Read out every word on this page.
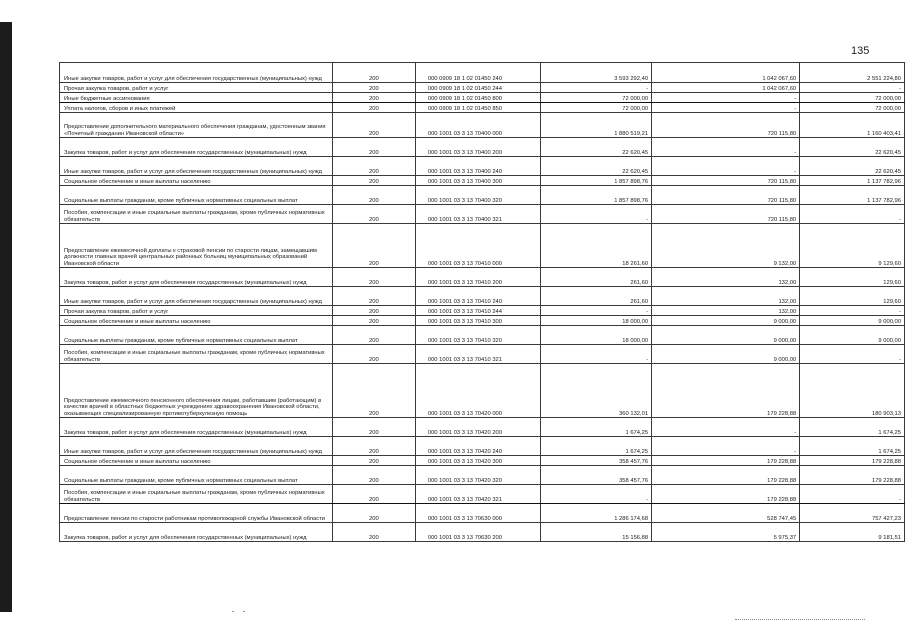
135
Иные закупки товаров, работ и услуг для обеспечения государственных (муниципальных) нужд	200	000 0909 18 1 02 01450 240	3 593 292,40	1 042 067,60	2 551 224,80
Прочая закупка товаров, работ и услуг	200	000 0909 18 1 02 01450 244	-	1 042 067,60	-
Иные бюджетные ассигнования	200	000 0909 18 1 02 01450 800	72 000,00	-	72 000,00
Уплата налогов, сборов и иных платежей	200	000 0909 18 1 02 01450 850	72 000,00	-	72 000,00
Предоставление дополнительного материального обеспечения гражданам, удостоенным звания «Почетный гражданин Ивановской области»	200	000 1001 03 3 13 70400 000	1 880 519,21	720 115,80	1 160 403,41
Закупка товаров, работ и услуг для обеспечения государственных (муниципальных) нужд	200	000 1001 03 3 13 70400 200	22 620,45	-	22 620,45
Иные закупки товаров, работ и услуг для обеспечения государственных (муниципальных) нужд	200	000 1001 03 3 13 70400 240	22 620,45	-	22 620,45
Социальное обеспечение и иные выплаты населению	200	000 1001 03 3 13 70400 300	1 857 898,76	720 115,80	1 137 782,96
Социальные выплаты гражданам, кроме публичных нормативных социальных выплат	200	000 1001 03 3 13 70400 320	1 857 898,76	720 115,80	1 137 782,96
Пособия, компенсации и иные социальные выплаты гражданам, кроме публичных нормативных обязательств	200	000 1001 03 3 13 70400 321	-	720 115,80	-
Предоставление ежемесячной доплаты к страховой пенсии по старости лицам, замещавшим должности главных врачей центральных районных больниц муниципальных образований Ивановской области	200	000 1001 03 3 13 70410 000	18 261,60	9 132,00	9 129,60
Закупка товаров, работ и услуг для обеспечения государственных (муниципальных) нужд	200	000 1001 03 3 13 70410 200	261,60	132,00	129,60
Иные закупки товаров, работ и услуг для обеспечения государственных (муниципальных) нужд	200	000 1001 03 3 13 70410 240	261,60	132,00	129,60
Прочая закупка товаров, работ и услуг	200	000 1001 03 3 13 70410 244	-	132,00	-
Социальное обеспечение и иные выплаты населению	200	000 1001 03 3 13 70410 300	18 000,00	9 000,00	9 000,00
Социальные выплаты гражданам, кроме публичных нормативных социальных выплат	200	000 1001 03 3 13 70410 320	18 000,00	9 000,00	9 000,00
Пособия, компенсации и иные социальные выплаты гражданам, кроме публичных нормативных обязательств	200	000 1001 03 3 13 70410 321	-	9 000,00	-
Предоставление ежемесячного пенсионного обеспечения лицам, работавшим (работающим) в качестве врачей в областных бюджетных учреждениях здравоохранения Ивановской области, оказывающих специализированную противотуберкулезную помощь	200	000 1001 03 3 13 70420 000	360 132,01	179 228,88	180 903,13
Закупка товаров, работ и услуг для обеспечения государственных (муниципальных) нужд	200	000 1001 03 3 13 70420 200	1 674,25	-	1 674,25
Иные закупки товаров, работ и услуг для обеспечения государственных (муниципальных) нужд	200	000 1001 03 3 13 70420 240	1 674,25	-	1 674,25
Социальное обеспечение и иные выплаты населению	200	000 1001 03 3 13 70420 300	358 457,76	179 228,88	179 228,88
Социальные выплаты гражданам, кроме публичных нормативных социальных выплат	200	000 1001 03 3 13 70420 320	358 457,76	179 228,88	179 228,88
Пособия, компенсации и иные социальные выплаты гражданам, кроме публичных нормативных обязательств	200	000 1001 03 3 13 70420 321	-	179 228,88	-
Предоставление пенсии по старости работникам противопожарной службы Ивановской области	200	000 1001 03 3 13 70630 000	1 286 174,68	528 747,45	757 427,23
Закупка товаров, работ и услуг для обеспечения государственных (муниципальных) нужд	200	000 1001 03 3 13 70630 200	15 156,88	5 975,37	9 181,51
